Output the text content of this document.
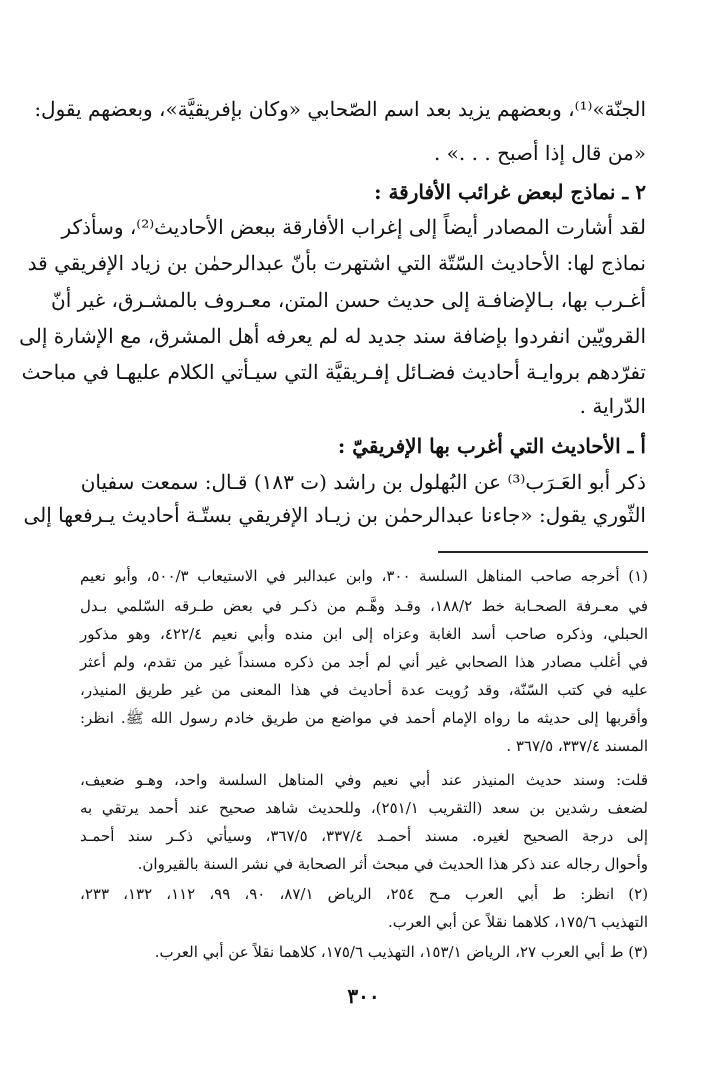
الجنّة»⁽¹⁾، وبعضهم يزيد بعد اسم الصّحابي «وكان بإفريقيَّة»، وبعضهم يقول:
«من قال إذا أصبح . . .» .
٢ ـ نماذج لبعض غرائب الأفارقة :
لقد أشارت المصادر أيضاً إلى إغراب الأفارقة ببعض الأحاديث⁽²⁾، وسأذكر
نماذج لها: الأحاديث السّتّة التي اشتهرت بأنّ عبدالرحمٰن بن زياد الإفريقي قد
أغـرب بها، بـالإضافـة إلى حديث حسن المتن، معـروف بالمشـرق، غير أنّ
القرويّين انفردوا بإضافة سند جديد له لم يعرفه أهل المشرق، مع الإشارة إلى
تفرّدهم بروايـة أحاديث فضـائل إفـريقيَّة التي سيـأتي الكلام عليهـا في مباحث
الدّراية .
أ ـ الأحاديث التي أغرب بها الإفريقيّ :
ذكر أبو العَـرَب⁽³⁾ عن البُهلول بن راشد (ت ١٨٣) قـال: سمعت سفيان
الثّوري يقول: «جاءنا عبدالرحمٰن بن زيـاد الإفريقي بستّـة أحاديث يـرفعها إلى
(١) أخرجه صاحب المناهل السلسة ٣٠٠، وابن عبدالبر في الاستيعاب ٥٠٠/٣، وأبو نعيم
في معـرفة الصحـابة خط ١٨٨/٢، وقـد وهَّـم من ذكـر في بعض طـرقه السّلمي بـدل
الحبلي، وذكره صاحب أسد الغابة وعزاه إلى ابن منده وأبي نعيم ٤٢٢/٤، وهو مذكور
في أغلب مصادر هذا الصحابي غير أني لم أجد من ذكره مسنداً غير من تقدم، ولم أعثر
عليه في كتب السّنّة، وقد رُويت عدة أحاديث في هذا المعنى من غير طريق المنيذر،
وأقربها إلى حديثه ما رواه الإمام أحمد في مواضع من طريق خادم رسول الله ﷺ. انظر:
المسند ٣٣٧/٤، ٣٦٧/٥ .
قلت: وسند حديث المنيذر عند أبي نعيم وفي المناهل السلسة واحد، وهـو ضعيف،
لضعف رشدين بن سعد (التقريب ٢٥١/١)، وللحديث شاهد صحيح عند أحمد يرتقي به
إلى درجة الصحيح لغيره. مسند أحمـد ٣٣٧/٤، ٣٦٧/٥، وسيأتي ذكـر سند أحمـد
وأحوال رجاله عند ذكر هذا الحديث في مبحث أثر الصحابة في نشر السنة بالقيروان.
(٢) انظر: ط أبي العرب مـح ٢٥٤، الرياض ٨٧/١، ٩٠، ٩٩، ١١٢، ١٣٢، ٢٣٣،
التهذيب ١٧٥/٦، كلاهما نقلاً عن أبي العرب.
(٣) ط أبي العرب ٢٧، الرياض ١٥٣/١، التهذيب ١٧٥/٦، كلاهما نقلاً عن أبي العرب.
٣٠٠
